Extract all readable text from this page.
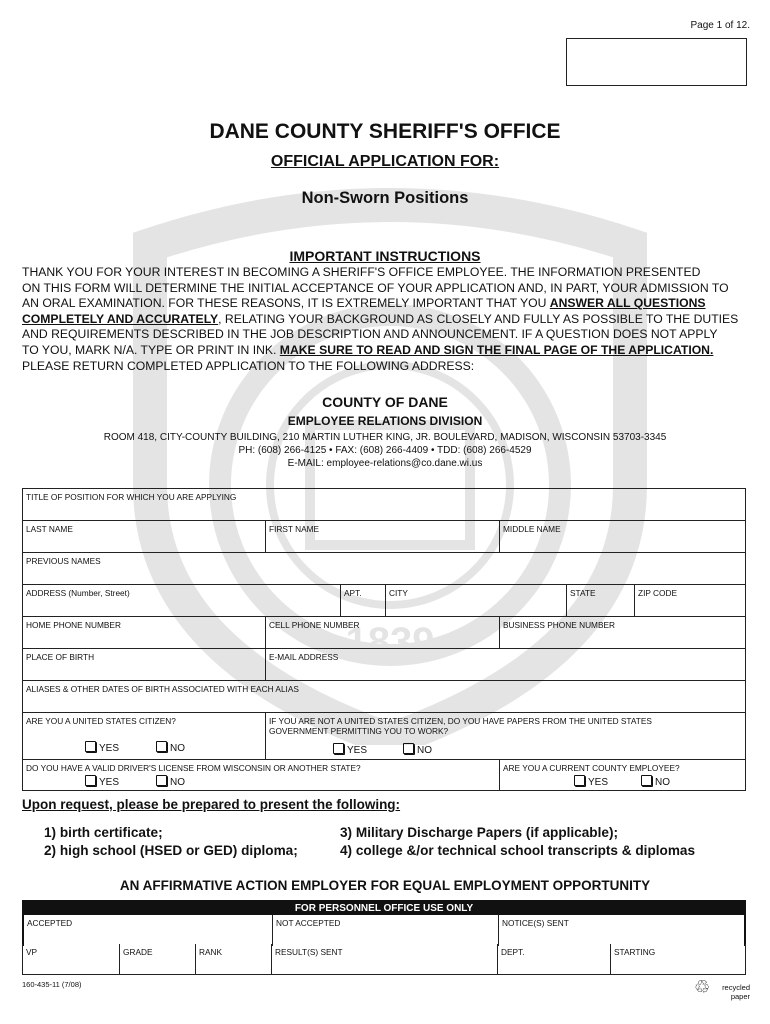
1839
Page 1 of 12.
DANE COUNTY SHERIFF'S OFFICE
OFFICIAL APPLICATION FOR:
Non-Sworn Positions
IMPORTANT INSTRUCTIONS
THANK YOU FOR YOUR INTEREST IN BECOMING A SHERIFF'S OFFICE EMPLOYEE. THE INFORMATION PRESENTED
ON THIS FORM WILL DETERMINE THE INITIAL ACCEPTANCE OF YOUR APPLICATION AND, IN PART, YOUR ADMISSION TO
AN ORAL EXAMINATION. FOR THESE REASONS, IT IS EXTREMELY IMPORTANT THAT YOU ANSWER ALL QUESTIONS
COMPLETELY AND ACCURATELY, RELATING YOUR BACKGROUND AS CLOSELY AND FULLY AS POSSIBLE TO THE DUTIES
AND REQUIREMENTS DESCRIBED IN THE JOB DESCRIPTION AND ANNOUNCEMENT. IF A QUESTION DOES NOT APPLY
TO YOU, MARK N/A. TYPE OR PRINT IN INK. MAKE SURE TO READ AND SIGN THE FINAL PAGE OF THE APPLICATION.
PLEASE RETURN COMPLETED APPLICATION TO THE FOLLOWING ADDRESS:
COUNTY OF DANE
EMPLOYEE RELATIONS DIVISION
ROOM 418, CITY-COUNTY BUILDING, 210 MARTIN LUTHER KING, JR. BOULEVARD, MADISON, WISCONSIN 53703-3345
PH: (608) 266-4125 • FAX: (608) 266-4409 • TDD: (608) 266-4529
E-MAIL: employee-relations@co.dane.wi.us
TITLE OF POSITION FOR WHICH YOU ARE APPLYING
LAST NAME	FIRST NAME	MIDDLE NAME
PREVIOUS NAMES
ADDRESS (Number, Street)	APT.	CITY	STATE	ZIP CODE
HOME PHONE NUMBER	CELL PHONE NUMBER	BUSINESS PHONE NUMBER
PLACE OF BIRTH	E-MAIL ADDRESS
ALIASES & OTHER DATES OF BIRTH ASSOCIATED WITH EACH ALIAS
ARE YOU A UNITED STATES CITIZEN?
YES	NO
IF YOU ARE NOT A UNITED STATES CITIZEN, DO YOU HAVE PAPERS FROM THE UNITED STATES GOVERNMENT PERMITTING YOU TO WORK?
YES	NO
DO YOU HAVE A VALID DRIVER'S LICENSE FROM WISCONSIN OR ANOTHER STATE?
YES	NO
ARE YOU A CURRENT COUNTY EMPLOYEE?
YES	NO
Upon request, please be prepared to present the following:
1) birth certificate;
2) high school (HSED or GED) diploma;
3) Military Discharge Papers (if applicable);
4) college &/or technical school transcripts & diplomas
AN AFFIRMATIVE ACTION EMPLOYER FOR EQUAL EMPLOYMENT OPPORTUNITY
FOR PERSONNEL OFFICE USE ONLY
ACCEPTED	NOT ACCEPTED	NOTICE(S) SENT
VP	GRADE	RANK	RESULT(S) SENT	DEPT.	STARTING
160-435-11 (7/08)	♲	recycled
paper
